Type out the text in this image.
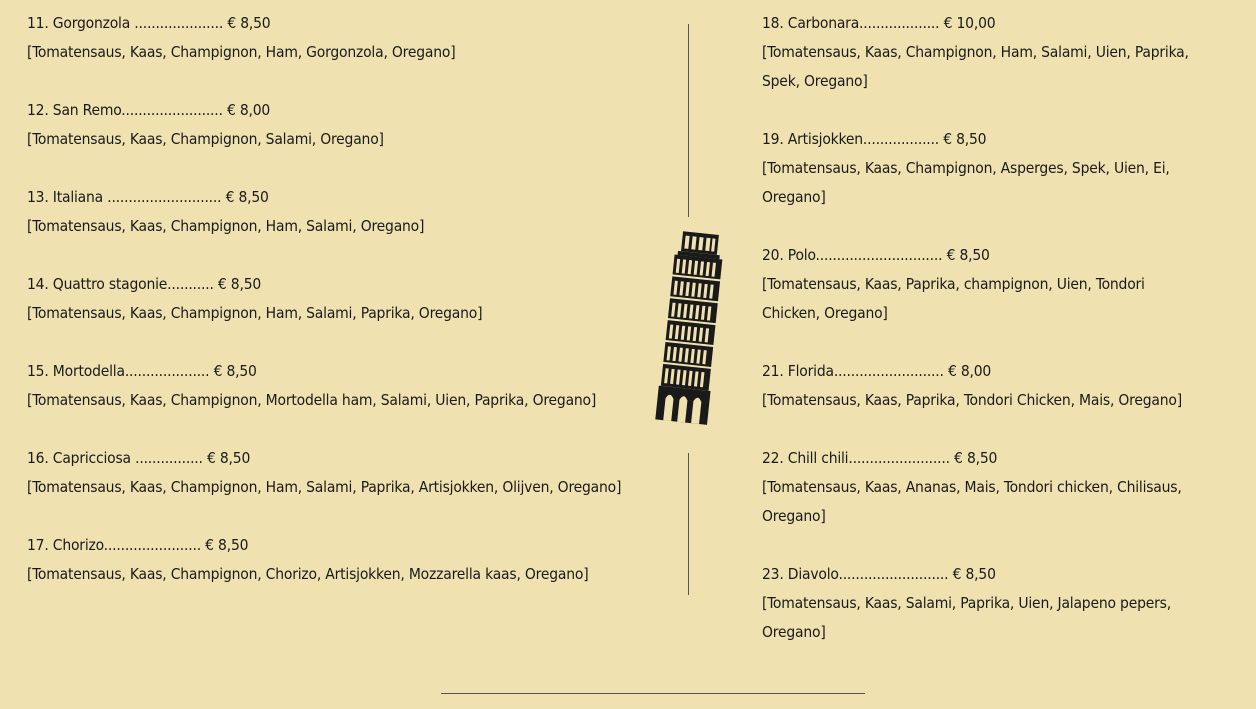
11. Gorgonzola ..................... € 8,50
[Tomatensaus, Kaas, Champignon, Ham, Gorgonzola, Oregano]
12. San Remo........................ € 8,00
[Tomatensaus, Kaas, Champignon, Salami, Oregano]
13. Italiana ........................... € 8,50
[Tomatensaus, Kaas, Champignon, Ham, Salami, Oregano]
14. Quattro stagonie........... € 8,50
[Tomatensaus, Kaas, Champignon, Ham, Salami, Paprika, Oregano]
15. Mortodella.................... € 8,50
[Tomatensaus, Kaas, Champignon, Mortodella ham, Salami, Uien, Paprika, Oregano]
16. Capricciosa ................ € 8,50
[Tomatensaus, Kaas, Champignon, Ham, Salami, Paprika, Artisjokken, Olijven, Oregano]
17. Chorizo....................... € 8,50
[Tomatensaus, Kaas, Champignon, Chorizo, Artisjokken, Mozzarella kaas, Oregano]
18. Carbonara................... € 10,00
[Tomatensaus, Kaas, Champignon, Ham, Salami, Uien, Paprika, Spek, Oregano]
19. Artisjokken.................. € 8,50
[Tomatensaus, Kaas, Champignon, Asperges, Spek, Uien, Ei, Oregano]
20. Polo.............................. € 8,50
[Tomatensaus, Kaas, Paprika, champignon, Uien, Tondori Chicken, Oregano]
21. Florida.......................... € 8,00
[Tomatensaus, Kaas, Paprika, Tondori Chicken, Mais, Oregano]
22. Chill chili........................ € 8,50
[Tomatensaus, Kaas, Ananas, Mais, Tondori chicken, Chilisaus, Oregano]
23. Diavolo.......................... € 8,50
[Tomatensaus, Kaas, Salami, Paprika, Uien, Jalapeno pepers, Oregano]
